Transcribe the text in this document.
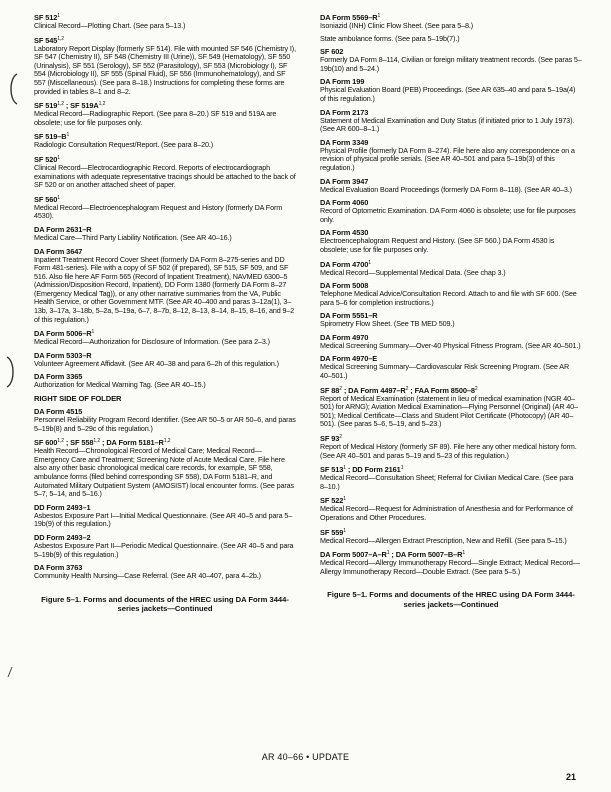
SF $512^1$
Clinical Record—Plotting Chart. (See para 5–13.)
SF 545$^{1,2}$
Laboratory Report Display (formerly SF 514). File with mounted SF 546 (Chemistry I), SF 547 (Chemistry II), SF 548 (Chemistry III (Urine)), SF 549 (Hematology), SF 550 (Urinalysis), SF 551 (Serology), SF 552 (Parasitology), SF 553 (Microbiology I), SF 554 (Microbiology II), SF 555 (Spinal Fluid), SF 556 (Immunohematology), and SF 557 (Miscellaneous). (See para 8–18.) Instructions for completing these forms are provided in tables 8–1 and 8–2.
SF 519$^{1,2}$ ; SF $519A^{1,2}$
Medical Record—Radiographic Report. (See para 8–20.) SF 519 and 519A are obsolete; use for file purposes only.
SF $519-B^1$
Radiologic Consultation Request/Report. (See para 8–20.)
SF $520^1$
Clinical Record—Electrocardiographic Record. Reports of electrocardiograph examinations with adequate representative tracings should be attached to the back of SF 520 or on another attached sheet of paper.
SF $560^1$
Medical Record—Electroencephalogram Request and History (formerly DA Form 4530).
DA Form 2631–R
Medical Care—Third Party Liability Notification. (See AR 40–16.)
DA Form 3647
Inpatient Treatment Record Cover Sheet (formerly DA Form 8–275-series and DD Form 481-series). File with a copy of SF 502 (if prepared), SF 515, SF 509, and SF 516. Also file here AF Form 565 (Record of Inpatient Treatment), NAVMED 6300–5 (Admission/Disposition Record, Inpatient), DD Form 1380 (formerly DA Form 8–27 (Emergency Medical Tag)), or any other narrative summaries from the VA, Public Health Service, or other Government MTF. (See AR 40–400 and paras 3–12a(1), 3–13b, 3–17a, 3–18b, 5–2a, 5–19a, 6–7, 8–7b, 8–12, 8–13, 8–14, 8–15, 8–16, and 9–2 of this regulation.)
DA Form $5006-R^1$
Medical Record—Authorization for Disclosure of Information. (See para 2–3.)
DA Form 5303–R
Volunteer Agreement Affidavit. (See AR 40–38 and para 6–2h of this regulation.)
DA Form 3365
Authorization for Medical Warning Tag. (See AR 40–15.)
RIGHT SIDE OF FOLDER
DA Form 4515
Personnel Reliability Program Record Identifier. (See AR 50–5 or AR 50–6, and paras 5–19b(8) and 5–29c of this regulation.)
SF 600$^{1,2}$ ; SF 558$^{1,2}$ ; DA Form $5181-R^{1,2}$
Health Record—Chronological Record of Medical Care; Medical Record—Emergency Care and Treatment; Screening Note of Acute Medical Care. File here also any other basic chronological medical care records, for example, SF 558, ambulance forms (filed behind corresponding SF 558), DA Form 5181–R, and Automated Military Outpatient System (AMOSIST) local encounter forms. (See paras 5–7, 5–14, and 5–16.)
DD Form 2493–1
Asbestos Exposure Part I—Initial Medical Questionnaire. (See AR 40–5 and para 5–19b(9) of this regulation.)
DD Form 2493–2
Asbestos Exposure Part II—Periodic Medical Questionnaire. (See AR 40–5 and para 5–19b(9) of this regulation.)
DA Form 3763
Community Health Nursing—Case Referral. (See AR 40–407, para 4–2b.)
Figure 5–1. Forms and documents of the HREC using DA Form 3444-series jackets—Continued
DA Form $5569-R^1$
Isoniazid (INH) Clinic Flow Sheet. (See para 5–8.)
State ambulance forms. (See para 5–19b(7).)
SF 602
Formerly DA Form 8–114, Civilian or foreign military treatment records. (See paras 5–19b(10) and 5–24.)
DA Form 199
Physical Evaluation Board (PEB) Proceedings. (See AR 635–40 and para 5–19a(4) of this regulation.)
DA Form 2173
Statement of Medical Examination and Duty Status (if initiated prior to 1 July 1973). (See AR 600–8–1.)
DA Form 3349
Physical Profile (formerly DA Form 8–274). File here also any correspondence on a revision of physical profile serials. (See AR 40–501 and para 5–19b(3) of this regulation.)
DA Form 3947
Medical Evaluation Board Proceedings (formerly DA Form 8–118). (See AR 40–3.)
DA Form 4060
Record of Optometric Examination. DA Form 4060 is obsolete; use for file purposes only.
DA Form 4530
Electroencephalogram Request and History. (See SF 560.) DA Form 4530 is obsolete; use for file purposes only.
DA Form 4700$^1$
Medical Record—Supplemental Medical Data. (See chap 3.)
DA Form 5008
Telephone Medical Advice/Consultation Record. Attach to and file with SF 600. (See para 5–6 for completion instructions.)
DA Form 5551–R
Spirometry Flow Sheet. (See TB MED 509.)
DA Form 4970
Medical Screening Summary—Over-40 Physical Fitness Program. (See AR 40–501.)
DA Form 4970–E
Medical Screening Summary—Cardiovascular Risk Screening Program. (See AR 40–501.)
SF $88^2$ ; DA Form $4497-R^2$ ; FAA Form $8500-8^2$
Report of Medical Examination (statement in lieu of medical examination (NGR 40–501) for ARNG); Aviation Medical Examination—Flying Personnel (Original) (AR 40–501); Medical Certificate—Class and Student Pilot Certificate (Photocopy) (AR 40–501). (See paras 5–6, 5–19, and 5–23.)
SF $93^2$
Report of Medical History (formerly SF 89). File here any other medical history form. (See AR 40–501 and paras 5–19 and 5–23 of this regulation.)
SF $513^1$ ; DD Form 2161$^1$
Medical Record—Consultation Sheet; Referral for Civilian Medical Care. (See para 8–10.)
SF $522^1$
Medical Record—Request for Administration of Anesthesia and for Performance of Operations and Other Procedures.
SF $559^1$
Medical Record—Allergen Extract Prescription, New and Refill. (See para 5–15.)
DA Form $5007-A-R^1$ ; DA Form $5007-B-R^1$
Medical Record—Allergy Immunotherapy Record—Single Extract; Medical Record—Allergy Immunotherapy Record—Double Extract. (See para 5–5.)
Figure 5–1. Forms and documents of the HREC using DA Form 3444-series jackets—Continued
AR 40–66 • UPDATE
21
